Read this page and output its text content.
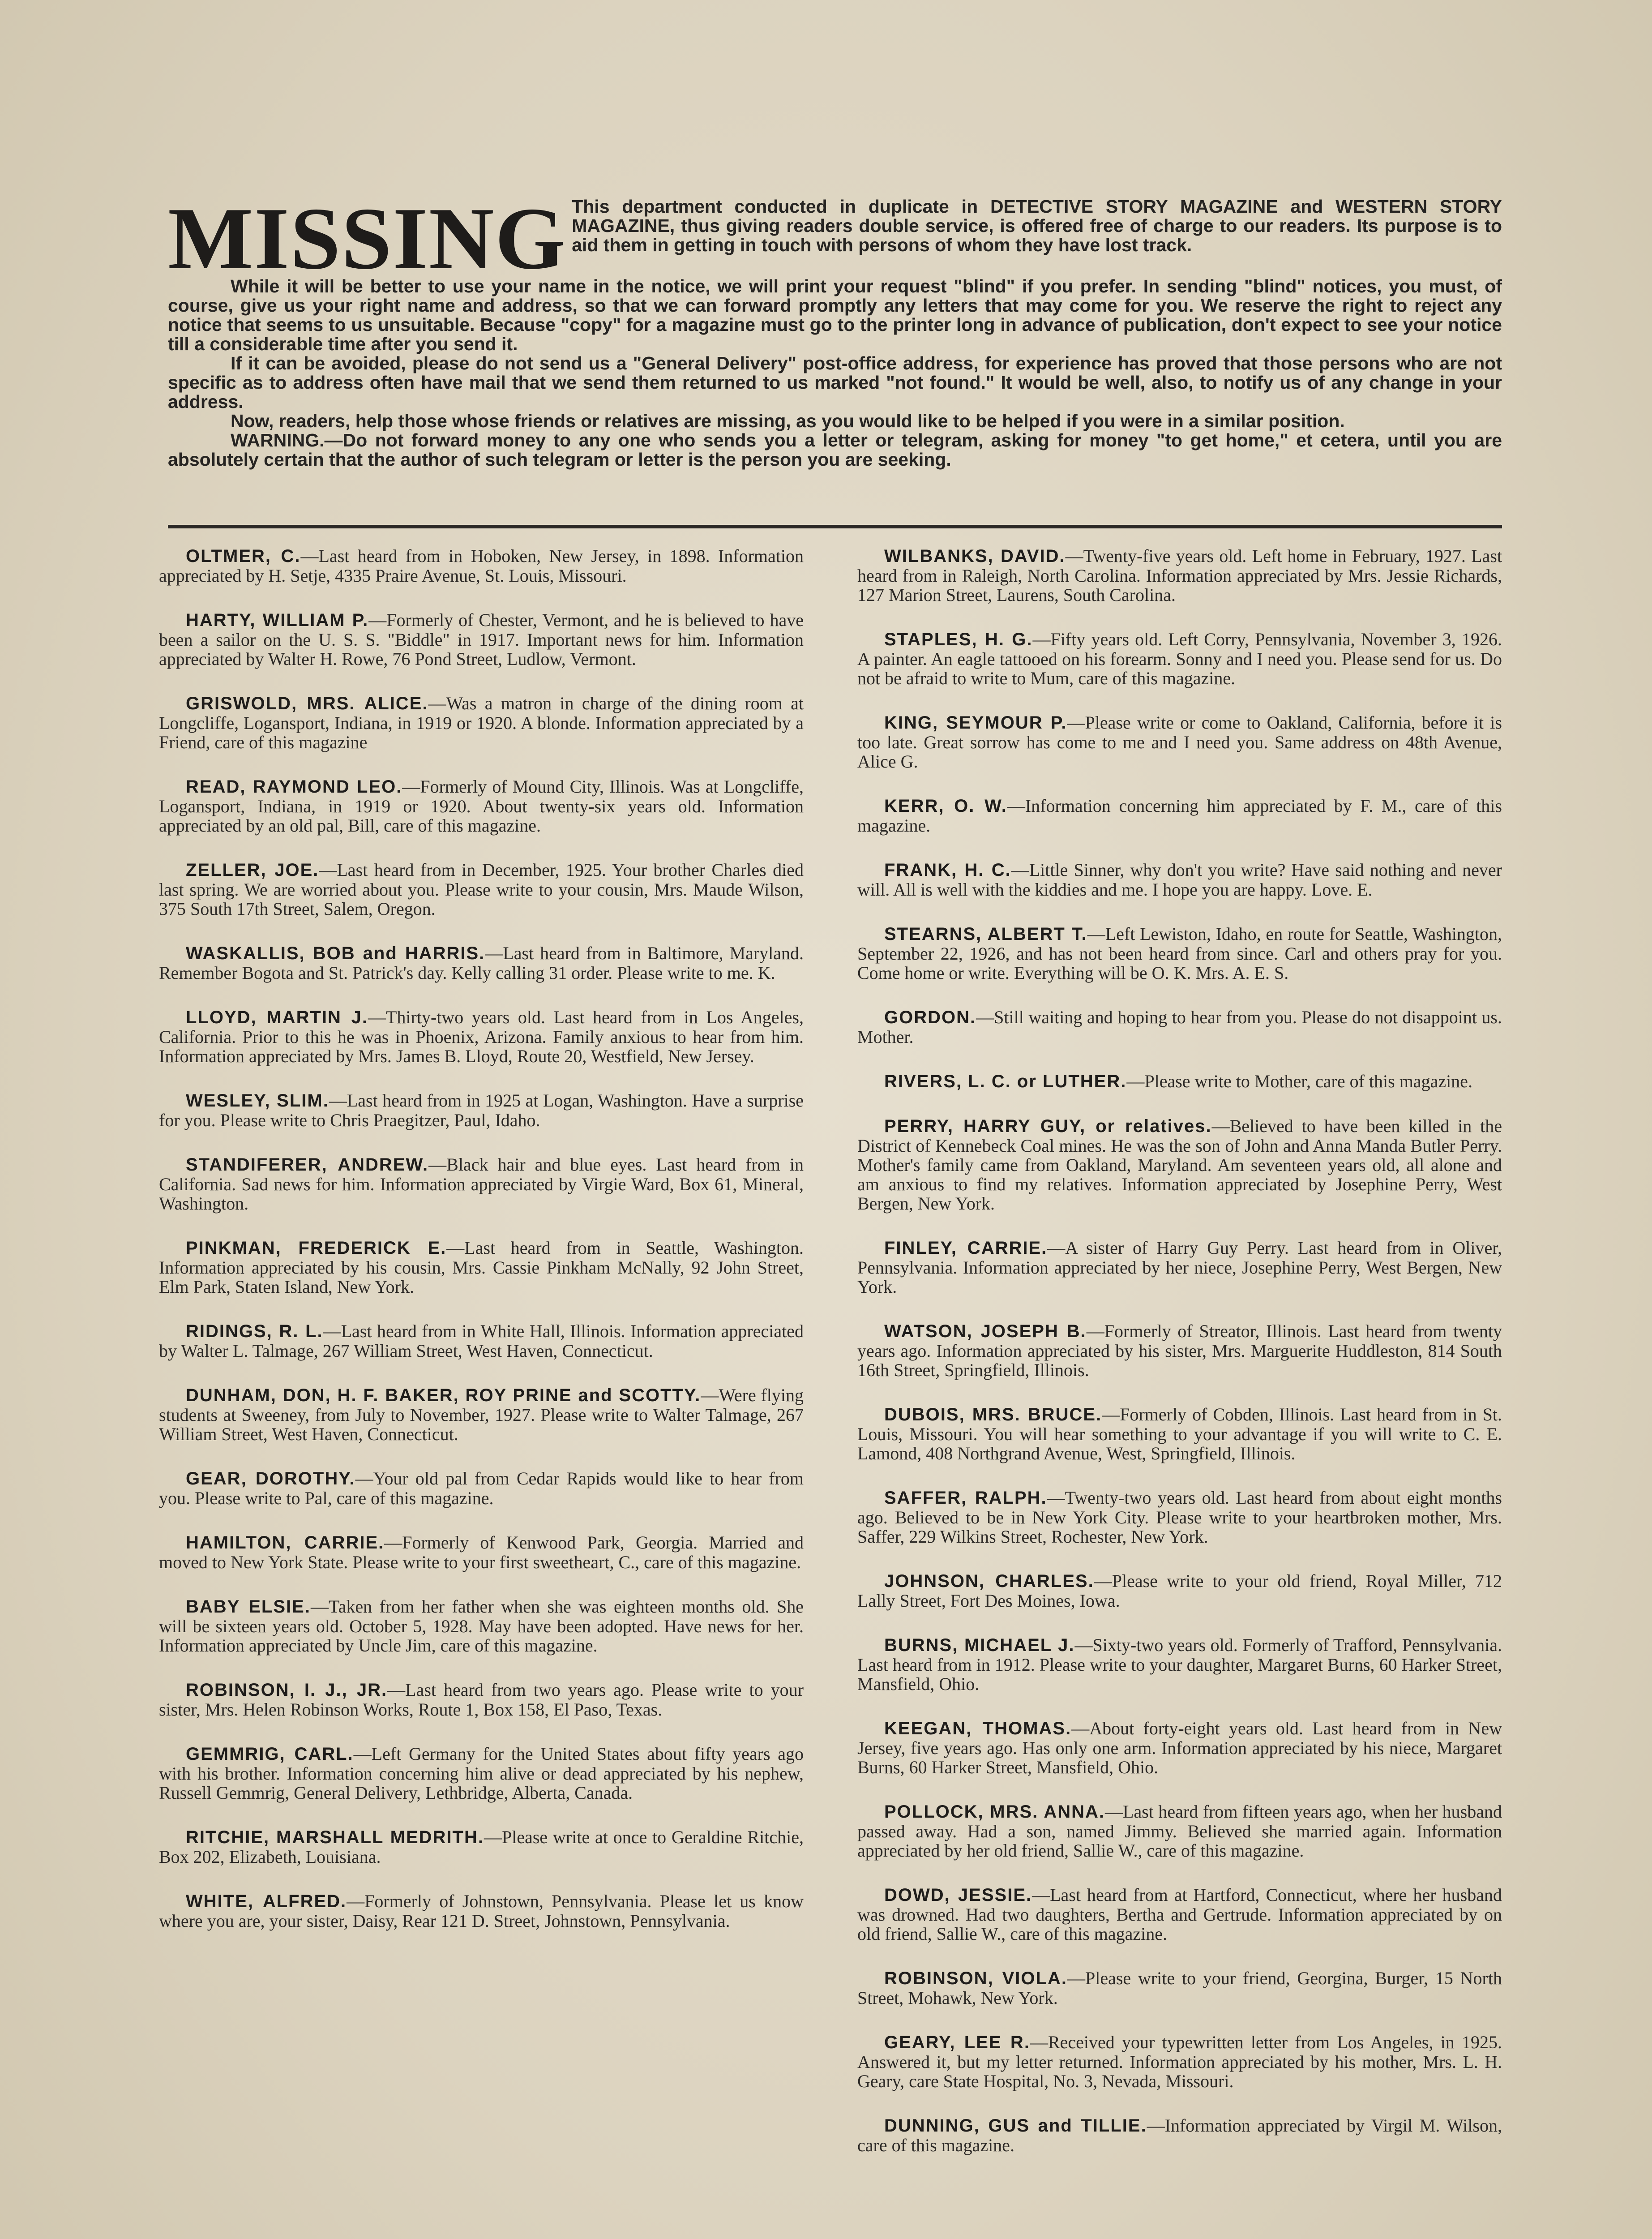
MISSING This department conducted in duplicate in DETECTIVE STORY MAGAZINE and WESTERN STORY MAGAZINE, thus giving readers double service, is offered free of charge to our readers. Its purpose is to aid them in getting in touch with persons of whom they have lost track.

While it will be better to use your name in the notice, we will print your request "blind" if you prefer. In sending "blind" notices, you must, of course, give us your right name and address, so that we can forward promptly any letters that may come for you. We reserve the right to reject any notice that seems to us unsuitable. Because "copy" for a magazine must go to the printer long in advance of publication, don't expect to see your notice till a considerable time after you send it.

If it can be avoided, please do not send us a "General Delivery" post-office address, for experience has proved that those persons who are not specific as to address often have mail that we send them returned to us marked "not found." It would be well, also, to notify us of any change in your address.

Now, readers, help those whose friends or relatives are missing, as you would like to be helped if you were in a similar position.

WARNING.—Do not forward money to any one who sends you a letter or telegram, asking for money "to get home," et cetera, until you are absolutely certain that the author of such telegram or letter is the person you are seeking.

OLTMER, C.—Last heard from in Hoboken, New Jersey, in 1898. Information appreciated by H. Setje, 4335 Praire Avenue, St. Louis, Missouri.

HARTY, WILLIAM P.—Formerly of Chester, Vermont, and he is believed to have been a sailor on the U. S. S. "Biddle" in 1917. Important news for him. Information appreciated by Walter H. Rowe, 76 Pond Street, Ludlow, Vermont.

GRISWOLD, MRS. ALICE.—Was a matron in charge of the dining room at Longcliffe, Logansport, Indiana, in 1919 or 1920. A blonde. Information appreciated by a Friend, care of this magazine

READ, RAYMOND LEO.—Formerly of Mound City, Illinois. Was at Longcliffe, Logansport, Indiana, in 1919 or 1920. About twenty-six years old. Information appreciated by an old pal, Bill, care of this magazine.

ZELLER, JOE.—Last heard from in December, 1925. Your brother Charles died last spring. We are worried about you. Please write to your cousin, Mrs. Maude Wilson, 375 South 17th Street, Salem, Oregon.

WASKALLIS, BOB and HARRIS.—Last heard from in Baltimore, Maryland. Remember Bogota and St. Patrick's day. Kelly calling 31 order. Please write to me. K.

LLOYD, MARTIN J.—Thirty-two years old. Last heard from in Los Angeles, California. Prior to this he was in Phoenix, Arizona. Family anxious to hear from him. Information appreciated by Mrs. James B. Lloyd, Route 20, Westfield, New Jersey.

WESLEY, SLIM.—Last heard from in 1925 at Logan, Washington. Have a surprise for you. Please write to Chris Praegitzer, Paul, Idaho.

STANDIFERER, ANDREW.—Black hair and blue eyes. Last heard from in California. Sad news for him. Information appreciated by Virgie Ward, Box 61, Mineral, Washington.

PINKMAN, FREDERICK E.—Last heard from in Seattle, Washington. Information appreciated by his cousin, Mrs. Cassie Pinkham McNally, 92 John Street, Elm Park, Staten Island, New York.

RIDINGS, R. L.—Last heard from in White Hall, Illinois. Information appreciated by Walter L. Talmage, 267 William Street, West Haven, Connecticut.

DUNHAM, DON, H. F. BAKER, ROY PRINE and SCOTTY.—Were flying students at Sweeney, from July to November, 1927. Please write to Walter Talmage, 267 William Street, West Haven, Connecticut.

GEAR, DOROTHY.—Your old pal from Cedar Rapids would like to hear from you. Please write to Pal, care of this magazine.

HAMILTON, CARRIE.—Formerly of Kenwood Park, Georgia. Married and moved to New York State. Please write to your first sweetheart, C., care of this magazine.

BABY ELSIE.—Taken from her father when she was eighteen months old. She will be sixteen years old. October 5, 1928. May have been adopted. Have news for her. Information appreciated by Uncle Jim, care of this magazine.

ROBINSON, I. J., JR.—Last heard from two years ago. Please write to your sister, Mrs. Helen Robinson Works, Route 1, Box 158, El Paso, Texas.

GEMMRIG, CARL.—Left Germany for the United States about fifty years ago with his brother. Information concerning him alive or dead appreciated by his nephew, Russell Gemmrig, General Delivery, Lethbridge, Alberta, Canada.

RITCHIE, MARSHALL MEDRITH.—Please write at once to Geraldine Ritchie, Box 202, Elizabeth, Louisiana.

WHITE, ALFRED.—Formerly of Johnstown, Pennsylvania. Please let us know where you are, your sister, Daisy, Rear 121 D. Street, Johnstown, Pennsylvania.

WILBANKS, DAVID.—Twenty-five years old. Left home in February, 1927. Last heard from in Raleigh, North Carolina. Information appreciated by Mrs. Jessie Richards, 127 Marion Street, Laurens, South Carolina.

STAPLES, H. G.—Fifty years old. Left Corry, Pennsylvania, November 3, 1926. A painter. An eagle tattooed on his forearm. Sonny and I need you. Please send for us. Do not be afraid to write to Mum, care of this magazine.

KING, SEYMOUR P.—Please write or come to Oakland, California, before it is too late. Great sorrow has come to me and I need you. Same address on 48th Avenue, Alice G.

KERR, O. W.—Information concerning him appreciated by F. M., care of this magazine.

FRANK, H. C.—Little Sinner, why don't you write? Have said nothing and never will. All is well with the kiddies and me. I hope you are happy. Love. E.

STEARNS, ALBERT T.—Left Lewiston, Idaho, en route for Seattle, Washington, September 22, 1926, and has not been heard from since. Carl and others pray for you. Come home or write. Everything will be O. K. Mrs. A. E. S.

GORDON.—Still waiting and hoping to hear from you. Please do not disappoint us. Mother.

RIVERS, L. C. or LUTHER.—Please write to Mother, care of this magazine.

PERRY, HARRY GUY, or relatives.—Believed to have been killed in the District of Kennebeck Coal mines. He was the son of John and Anna Manda Butler Perry. Mother's family came from Oakland, Maryland. Am seventeen years old, all alone and am anxious to find my relatives. Information appreciated by Josephine Perry, West Bergen, New York.

FINLEY, CARRIE.—A sister of Harry Guy Perry. Last heard from in Oliver, Pennsylvania. Information appreciated by her niece, Josephine Perry, West Bergen, New York.

WATSON, JOSEPH B.—Formerly of Streator, Illinois. Last heard from twenty years ago. Information appreciated by his sister, Mrs. Marguerite Huddleston, 814 South 16th Street, Springfield, Illinois.

DUBOIS, MRS. BRUCE.—Formerly of Cobden, Illinois. Last heard from in St. Louis, Missouri. You will hear something to your advantage if you will write to C. E. Lamond, 408 Northgrand Avenue, West, Springfield, Illinois.

SAFFER, RALPH.—Twenty-two years old. Last heard from about eight months ago. Believed to be in New York City. Please write to your heartbroken mother, Mrs. Saffer, 229 Wilkins Street, Rochester, New York.

JOHNSON, CHARLES.—Please write to your old friend, Royal Miller, 712 Lally Street, Fort Des Moines, Iowa.

BURNS, MICHAEL J.—Sixty-two years old. Formerly of Trafford, Pennsylvania. Last heard from in 1912. Please write to your daughter, Margaret Burns, 60 Harker Street, Mansfield, Ohio.

KEEGAN, THOMAS.—About forty-eight years old. Last heard from in New Jersey, five years ago. Has only one arm. Information appreciated by his niece, Margaret Burns, 60 Harker Street, Mansfield, Ohio.

POLLOCK, MRS. ANNA.—Last heard from fifteen years ago, when her husband passed away. Had a son, named Jimmy. Believed she married again. Information appreciated by her old friend, Sallie W., care of this magazine.

DOWD, JESSIE.—Last heard from at Hartford, Connecticut, where her husband was drowned. Had two daughters, Bertha and Gertrude. Information appreciated by on old friend, Sallie W., care of this magazine.

ROBINSON, VIOLA.—Please write to your friend, Georgina, Burger, 15 North Street, Mohawk, New York.

GEARY, LEE R.—Received your typewritten letter from Los Angeles, in 1925. Answered it, but my letter returned. Information appreciated by his mother, Mrs. L. H. Geary, care State Hospital, No. 3, Nevada, Missouri.

DUNNING, GUS and TILLIE.—Information appreciated by Virgil M. Wilson, care of this magazine.
